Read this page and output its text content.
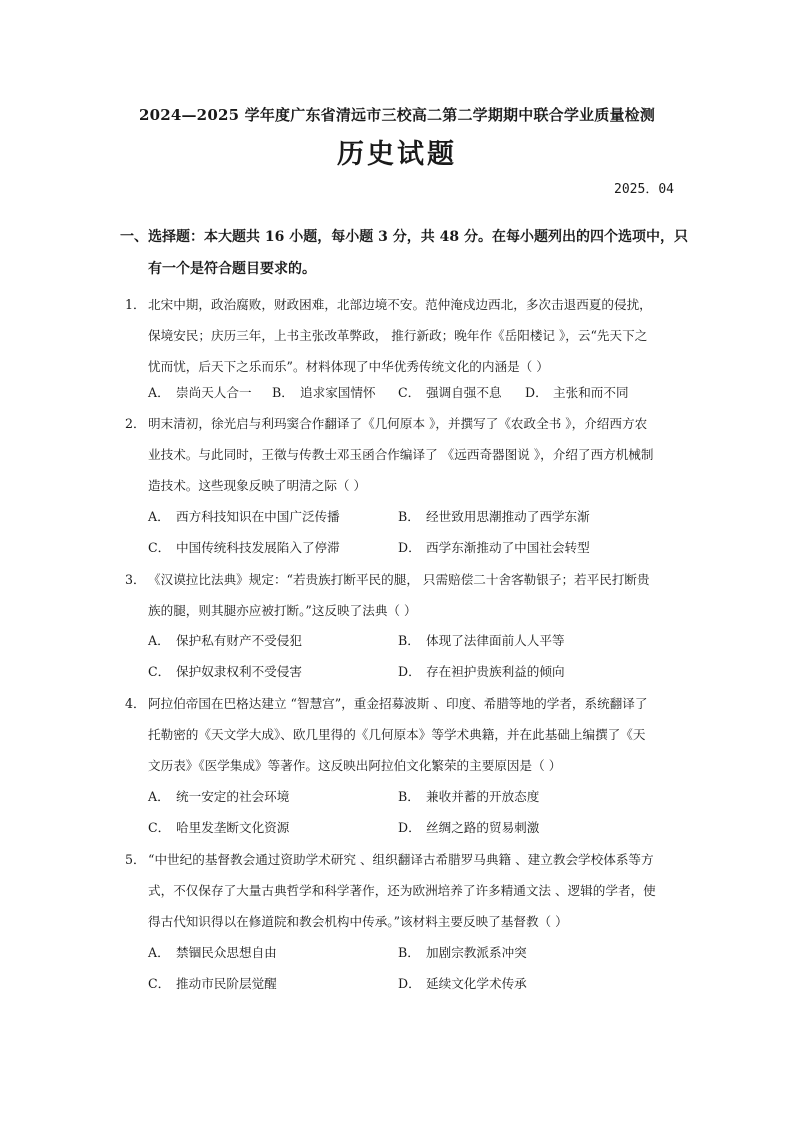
2024—2025 学年度广东省清远市三校高二第二学期期中联合学业质量检测
历史试题
2025．04
一、选择题：本大题共 16 小题，每小题 3 分，共 48 分。在每小题列出的四个选项中，只
有一个是符合题目要求的。
1． 北宋中期，政治腐败，财政困难，北部边境不安。范仲淹戍边西北，多次击退西夏的侵扰，
保境安民；庆历三年，上书主张改革弊政， 推行新政；晚年作《岳阳楼记 》，云“先天下之
忧而忧，后天下之乐而乐”。材料体现了中华优秀传统文化的内涵是（ ）
A． 崇尚天人合一 B． 追求家国情怀 C． 强调自强不息 D． 主张和而不同
2． 明末清初，徐光启与利玛窦合作翻译了《几何原本 》，并撰写了《农政全书 》，介绍西方农
业技术。与此同时，王徵与传教士邓玉函合作编译了 《远西奇器图说 》，介绍了西方机械制
造技术。这些现象反映了明清之际（ ）
A． 西方科技知识在中国广泛传播	B． 经世致用思潮推动了西学东渐
C． 中国传统科技发展陷入了停滞	D． 西学东渐推动了中国社会转型
3． 《汉谟拉比法典》规定：“若贵族打断平民的腿， 只需赔偿二十舍客勒银子；若平民打断贵
族的腿，则其腿亦应被打断。”这反映了法典（ ）
A． 保护私有财产不受侵犯	B． 体现了法律面前人人平等
C． 保护奴隶权利不受侵害	D． 存在袒护贵族利益的倾向
4． 阿拉伯帝国在巴格达建立 “智慧宫”，重金招募波斯 、印度、希腊等地的学者，系统翻译了
托勒密的《天文学大成》、欧几里得的《几何原本》等学术典籍，并在此基础上编撰了《天
文历表》《医学集成》等著作。这反映出阿拉伯文化繁荣的主要原因是（ ）
A． 统一安定的社会环境	B． 兼收并蓄的开放态度
C． 哈里发垄断文化资源	D． 丝绸之路的贸易刺激
5． “中世纪的基督教会通过资助学术研究 、组织翻译古希腊罗马典籍 、建立教会学校体系等方
式，不仅保存了大量古典哲学和科学著作，还为欧洲培养了许多精通文法 、逻辑的学者，使
得古代知识得以在修道院和教会机构中传承。”该材料主要反映了基督教（ ）
A． 禁锢民众思想自由	B． 加剧宗教派系冲突
C． 推动市民阶层觉醒	D． 延续文化学术传承
